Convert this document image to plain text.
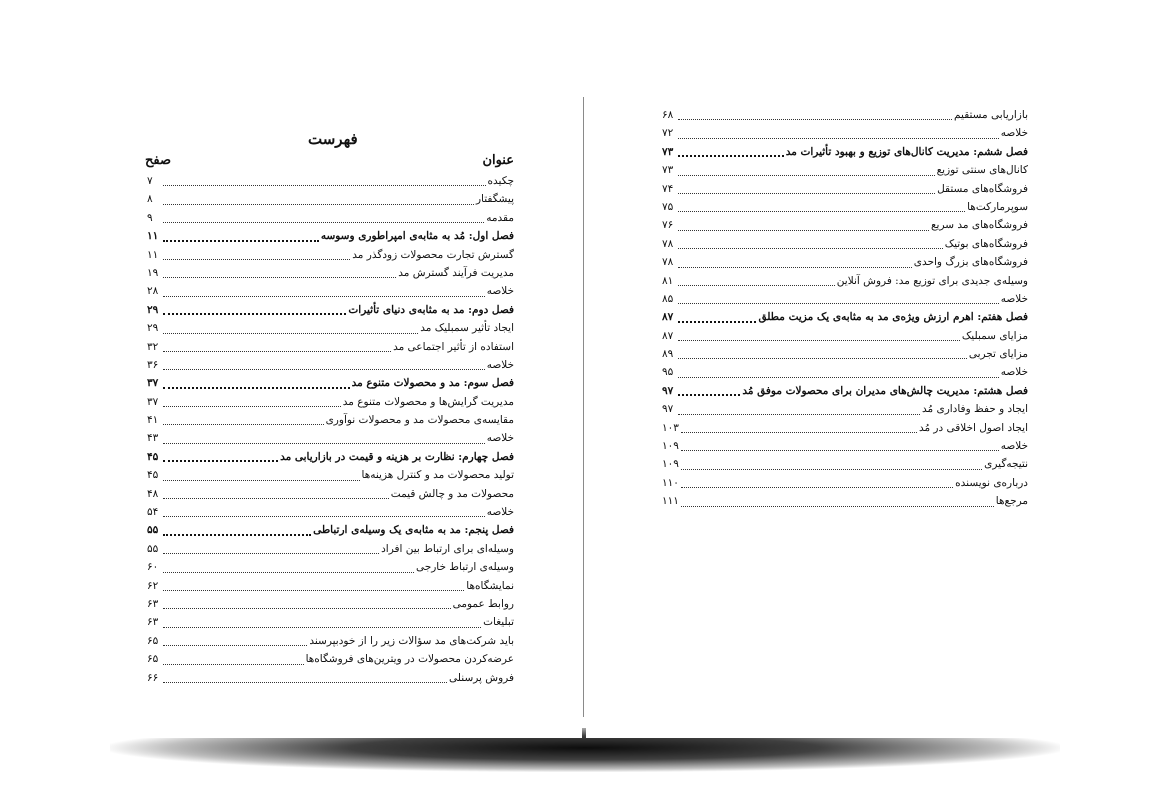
فهرست
عنوان
صفح
چکیده
۷
پیشگفتار
۸
مقدمه
۹
فصل اول: مُد به مثابه‌ی امپراطوری وسوسه
۱۱
گسترش تجارت محصولات زودگذر مد
۱۱
مدیریت فرآیند گسترش مد
۱۹
خلاصه
۲۸
فصل دوم: مد به مثابه‌ی دنیای تأثیرات
۲۹
ایجاد تأثیر سمبلیک مد
۲۹
استفاده از تأثیر اجتماعی مد
۳۲
خلاصه
۳۶
فصل سوم: مد و محصولات متنوع مد
۳۷
مدیریت گرایش‌ها و محصولات متنوع مد
۳۷
مقایسه‌ی محصولات مد و محصولات نوآوری
۴۱
خلاصه
۴۳
فصل چهارم: نظارت بر هزینه و قیمت در بازاریابی مد
۴۵
تولید محصولات مد و کنترل هزینه‌ها
۴۵
محصولات مد و چالش قیمت
۴۸
خلاصه
۵۴
فصل پنجم: مد به مثابه‌ی یک وسیله‌ی ارتباطی
۵۵
وسیله‌ای برای ارتباط بین افراد
۵۵
وسیله‌ی ارتباط خارجی
۶۰
نمایشگاه‌ها
۶۲
روابط عمومی
۶۳
تبلیغات
۶۳
باید شرکت‌های مد سؤالات زیر را از خودبپرسند
۶۵
عرضه‌کردن محصولات در ویترین‌های فروشگاه‌ها
۶۵
فروش پرسنلی
۶۶
بازاریابی مستقیم
۶۸
خلاصه
۷۲
فصل ششم: مدیریت کانال‌های توزیع و بهبود تأثیرات مد
۷۳
کانال‌های سنتی توزیع
۷۳
فروشگاه‌های مستقل
۷۴
سوپرمارکت‌ها
۷۵
فروشگاه‌های مد سریع
۷۶
فروشگاه‌های بوتیک
۷۸
فروشگاه‌های بزرگ واحدی
۷۸
وسیله‌ی جدیدی برای توزیع مد: فروش آنلاین
۸۱
خلاصه
۸۵
فصل هفتم: اهرم ارزش ویژه‌ی مد به مثابه‌ی یک مزیت مطلق
۸۷
مزایای سمبلیک
۸۷
مزایای تجربی
۸۹
خلاصه
۹۵
فصل هشتم: مدیریت چالش‌های مدیران برای محصولات موفق مُد
۹۷
ایجاد و حفظ وفاداری مُد
۹۷
ایجاد اصول اخلاقی در مُد
۱۰۳
خلاصه
۱۰۹
نتیجه‌گیری
۱۰۹
درباره‌ی نویسنده
۱۱۰
مرجع‌ها
۱۱۱
